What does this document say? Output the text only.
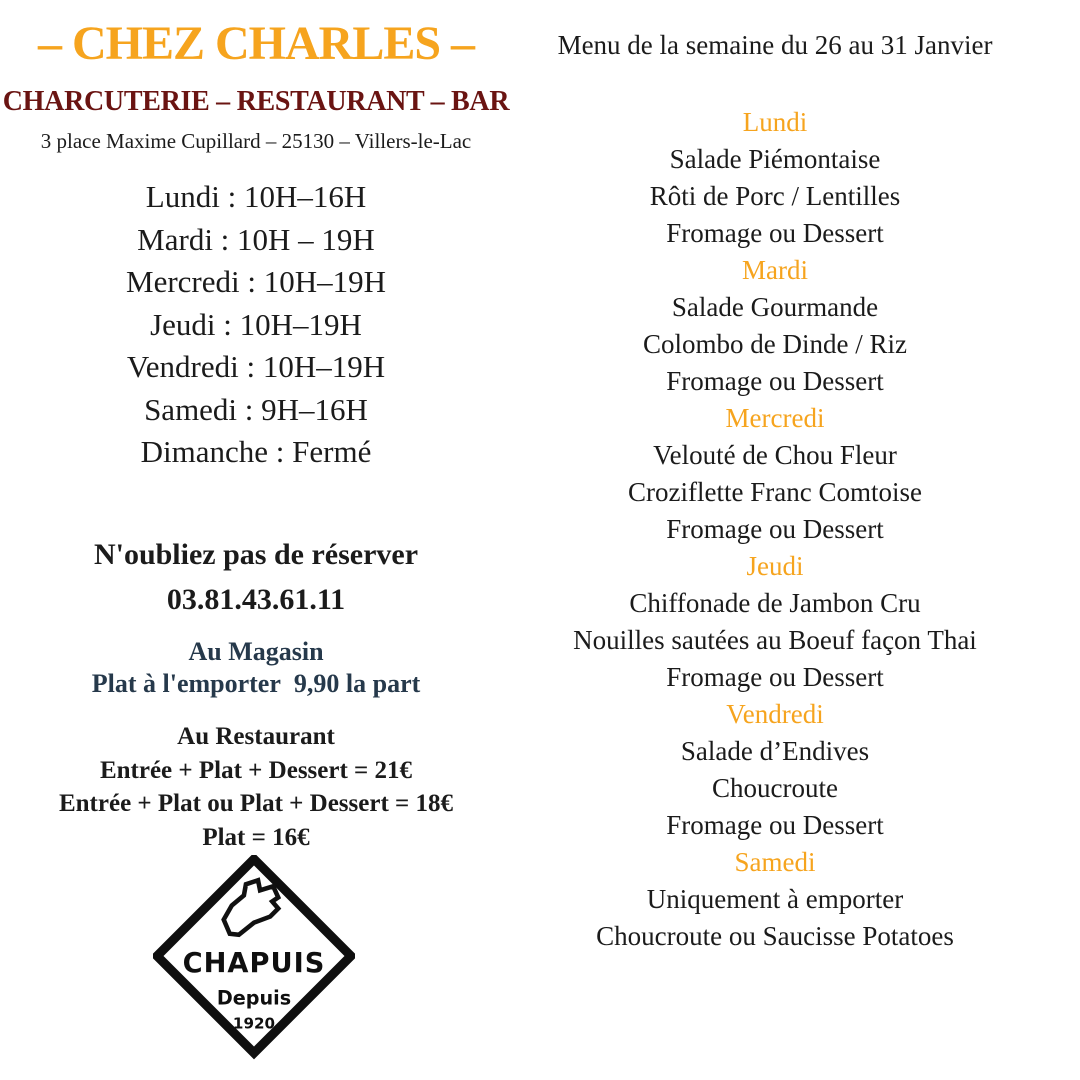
– CHEZ CHARLES –
CHARCUTERIE – RESTAURANT – BAR
3 place Maxime Cupillard – 25130 – Villers-le-Lac
Lundi : 10H–16H
Mardi : 10H – 19H
Mercredi : 10H–19H
Jeudi : 10H–19H
Vendredi : 10H–19H
Samedi : 9H–16H
Dimanche : Fermé
N'oubliez pas de réserver
03.81.43.61.11
Au Magasin
Plat à l'emporter  9,90 la part
Au Restaurant
Entrée + Plat + Dessert = 21€
Entrée + Plat ou Plat + Dessert = 18€
Plat = 16€
CHAPUIS
Depuis
1920
Menu de la semaine du 26 au 31 Janvier
Lundi
Salade Piémontaise
Rôti de Porc / Lentilles
Fromage ou Dessert
Mardi
Salade Gourmande
Colombo de Dinde / Riz
Fromage ou Dessert
Mercredi
Velouté de Chou Fleur
Croziflette Franc Comtoise
Fromage ou Dessert
Jeudi
Chiffonade de Jambon Cru
Nouilles sautées au Boeuf façon Thai
Fromage ou Dessert
Vendredi
Salade d’Endives
Choucroute
Fromage ou Dessert
Samedi
Uniquement à emporter
Choucroute ou Saucisse Potatoes
